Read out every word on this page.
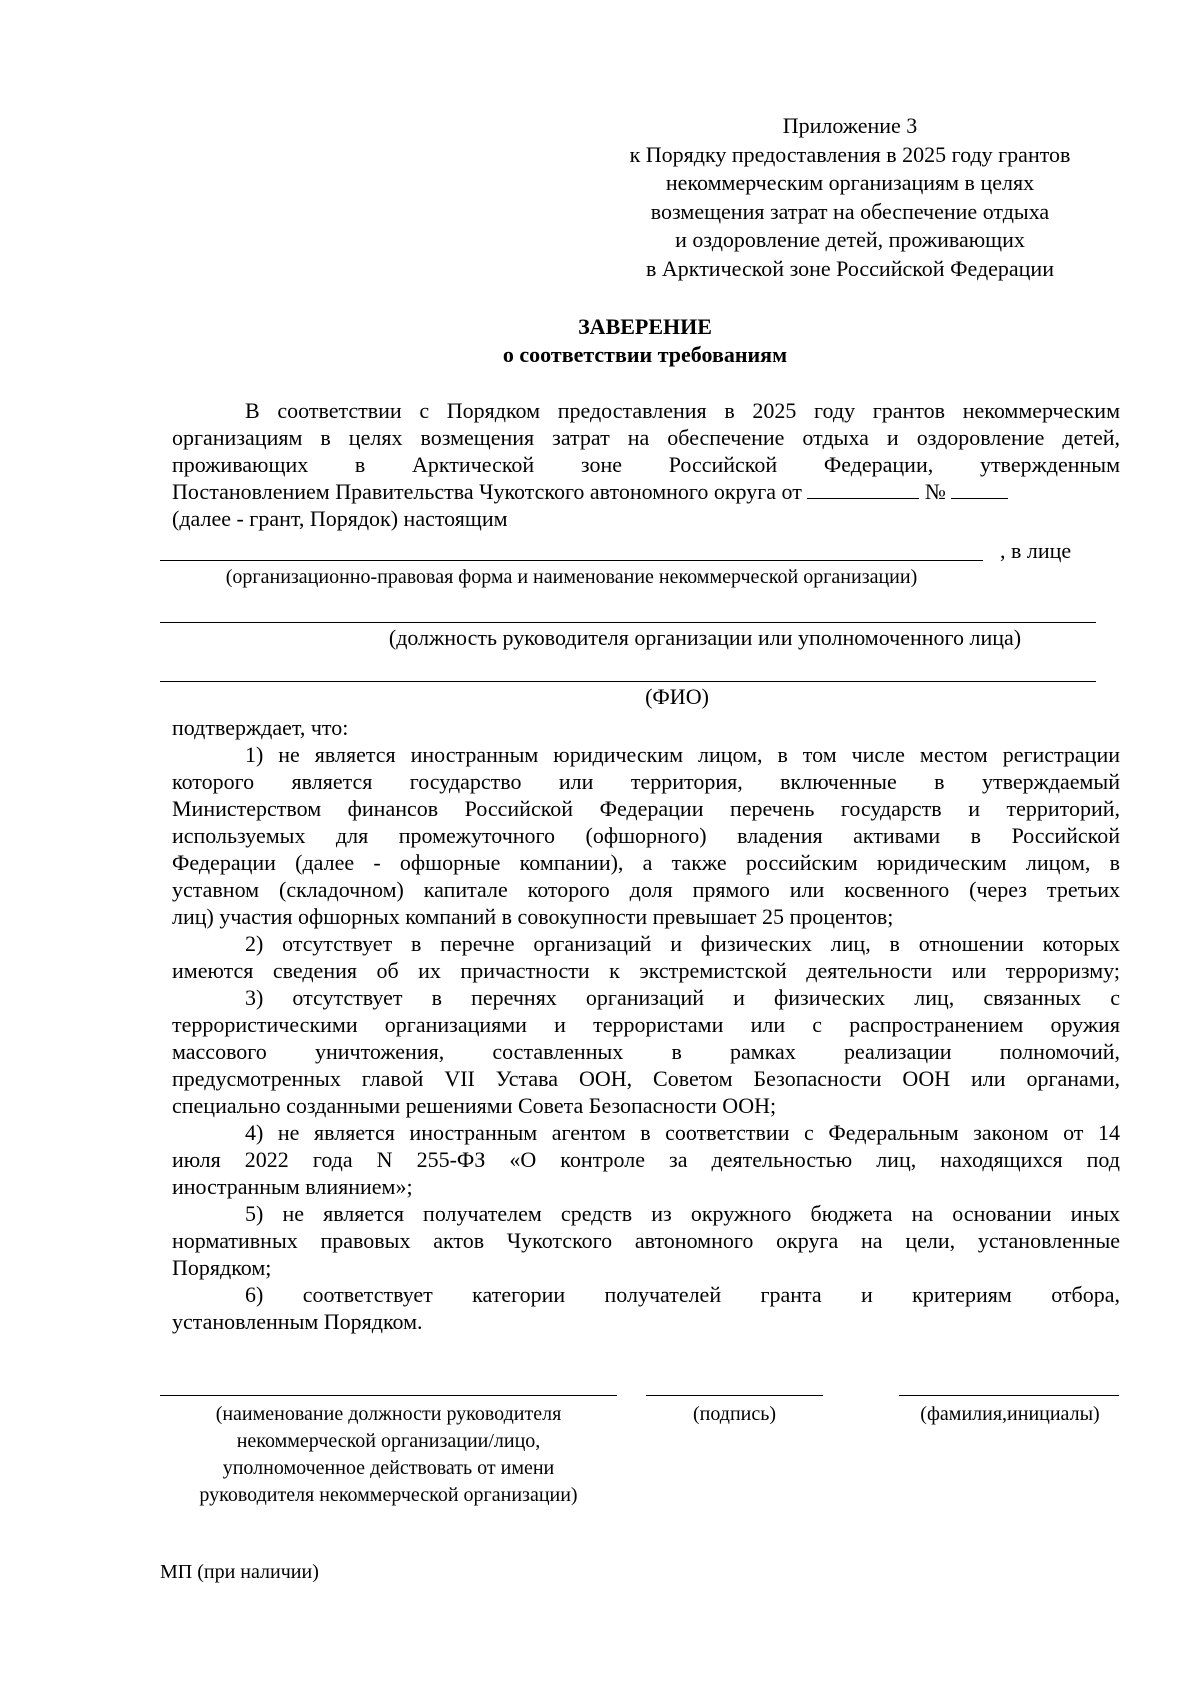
Приложение 3
к Порядку предоставления в 2025 году грантов
некоммерческим организациям в целях
возмещения затрат на обеспечение отдыха
и оздоровление детей, проживающих
в Арктической зоне Российской Федерации
ЗАВЕРЕНИЕ
о соответствии требованиям
В соответствии с Порядком предоставления в 2025 году грантов некоммерческим
организациям в целях возмещения затрат на обеспечение отдыха и оздоровление детей,
проживающих в Арктической зоне Российской Федерации, утвержденным
Постановлением Правительства Чукотского автономного округа от	№
(далее - грант, Порядок) настоящим
, в лице
(организационно-правовая форма и наименование некоммерческой организации)
(должность руководителя организации или уполномоченного лица)
(ФИО)
подтверждает, что:
1) не является иностранным юридическим лицом, в том числе местом регистрации
которого является государство или территория, включенные в утверждаемый
Министерством финансов Российской Федерации перечень государств и территорий,
используемых для промежуточного (офшорного) владения активами в Российской
Федерации (далее - офшорные компании), а также российским юридическим лицом, в
уставном (складочном) капитале которого доля прямого или косвенного (через третьих
лиц) участия офшорных компаний в совокупности превышает 25 процентов;
2) отсутствует в перечне организаций и физических лиц, в отношении которых
имеются сведения об их причастности к экстремистской деятельности или терроризму;
3) отсутствует в перечнях организаций и физических лиц, связанных с
террористическими организациями и террористами или с распространением оружия
массового уничтожения, составленных в рамках реализации полномочий,
предусмотренных главой VII Устава ООН, Советом Безопасности ООН или органами,
специально созданными решениями Совета Безопасности ООН;
4) не является иностранным агентом в соответствии с Федеральным законом от 14
июля 2022 года N 255-ФЗ «О контроле за деятельностью лиц, находящихся под
иностранным влиянием»;
5) не является получателем средств из окружного бюджета на основании иных
нормативных правовых актов Чукотского автономного округа на цели, установленные
Порядком;
6) соответствует категории получателей гранта и критериям отбора,
установленным Порядком.
(наименование должности руководителя
некоммерческой организации/лицо,
уполномоченное действовать от имени
руководителя некоммерческой организации)
(подпись)	(фамилия,инициалы)
МП (при наличии)
